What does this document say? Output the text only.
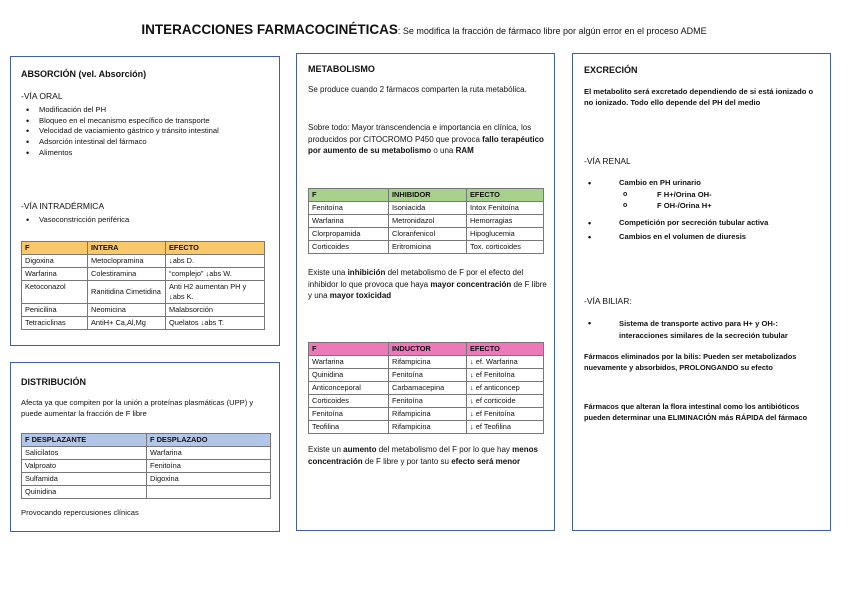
INTERACCIONES FARMACOCINÉTICAS: Se modifica la fracción de fármaco libre por algún error en el proceso ADME
ABSORCIÓN (vel. Absorción)
-VÍA ORAL
• Modificación del PH
• Bloqueo en el mecanismo específico de transporte
• Velocidad de vaciamiento gástrico y tránsito intestinal
• Adsorción intestinal del fármaco
• Alimentos
-VÍA INTRADÉRMICA
• Vasoconstricción periférica
F	INTERA	EFECTO
Digoxina	Metoclopramina	↓abs D.
Warfarina	Colestiramina	“complejo” ↓abs W.
Ketoconazol	Ranitidina Cimetidina	Anti H2 aumentan PH y ↓abs K.
Penicilina	Neomicina	Malabsorción
Tetraciclinas	AntiH+ Ca,Al,Mg	Quelatos ↓abs T.
DISTRIBUCIÓN
Afecta ya que compiten por la unión a proteínas plasmáticas (UPP) y puede aumentar la fracción de F libre
F DESPLAZANTE	F DESPLAZADO
Salicilatos	Warfarina
Valproato	Fenitoína
Sulfamida	Digoxina
Quinidina	
Provocando repercusiones clínicas
METABOLISMO
Se produce cuando 2 fármacos comparten la ruta metabólica.
Sobre todo: Mayor transcendencia e importancia en clínica, los producidos por CITOCROMO P450 que provoca fallo terapéutico por aumento de su metabolismo o una RAM
F	INHIBIDOR	EFECTO
Fenitoína	Isoniacida	Intox Fenitoína
Warfarina	Metronidazol	Hemorragias
Clorpropamida	Cloranfenicol	Hipoglucemia
Corticoides	Eritromicina	Tox. corticoides
Existe una inhibición del metabolismo de F por el efecto del inhibidor lo que provoca que haya mayor concentración de F libre y una mayor toxicidad
F	INDUCTOR	EFECTO
Warfarina	Rifampicina	↓ ef. Warfarina
Quinidina	Fenitoína	↓ ef Fenitoína
Anticonceporal	Carbamacepina	↓ ef anticoncep
Corticoides	Fenitoína	↓ ef corticoide
Fenitoína	Rifampicina	↓ ef Fenitoína
Teofilina	Rifampicina	↓ ef Teofilina
Existe un aumento del metabolismo del F por lo que hay menos concentración de F libre y por tanto su efecto será menor
EXCRECIÓN
El metabolito será excretado dependiendo de si está ionizado o no ionizado. Todo ello depende del PH del medio
-VÍA RENAL
• Cambio en PH urinario
o F H+/Orina OH-
o F OH-/Orina H+
• Competición por secreción tubular activa
• Cambios en el volumen de diuresis
-VÍA BILIAR:
• Sistema de transporte activo para H+ y OH-: interacciones similares de la secreción tubular
Fármacos eliminados por la bilis: Pueden ser metabolizados nuevamente y absorbidos, PROLONGANDO su efecto
Fármacos que alteran la flora intestinal como los antibióticos pueden determinar una ELIMINACIÓN más RÁPIDA del fármaco
